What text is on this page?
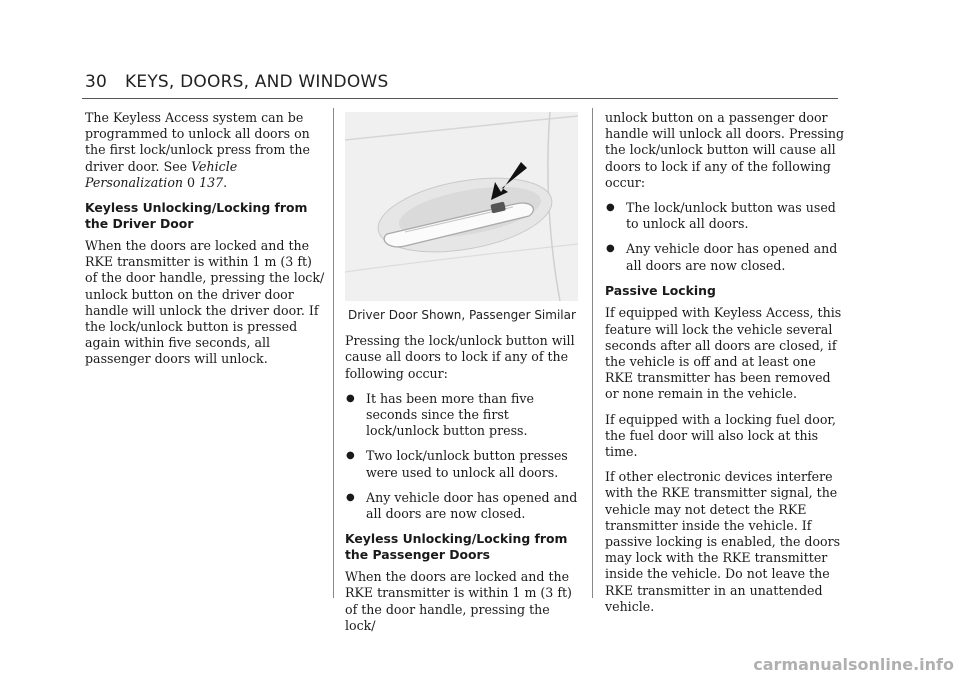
30 KEYS, DOORS, AND WINDOWS

The Keyless Access system can be programmed to unlock all doors on the first lock/unlock press from the driver door. See Vehicle Personalization 0 137.

Keyless Unlocking/Locking from the Driver Door

When the doors are locked and the RKE transmitter is within 1 m (3 ft) of the door handle, pressing the lock/ unlock button on the driver door handle will unlock the driver door. If the lock/unlock button is pressed again within five seconds, all passenger doors will unlock.

Driver Door Shown, Passenger Similar

Pressing the lock/unlock button will cause all doors to lock if any of the following occur:

● It has been more than five seconds since the first lock/unlock button press.
● Two lock/unlock button presses were used to unlock all doors.
● Any vehicle door has opened and all doors are now closed.
Keyless Unlocking/Locking from the Passenger Doors

When the doors are locked and the RKE transmitter is within 1 m (3 ft) of the door handle, pressing the lock/

unlock button on a passenger door handle will unlock all doors. Pressing the lock/unlock button will cause all doors to lock if any of the following occur:

● The lock/unlock button was used to unlock all doors.
● Any vehicle door has opened and all doors are now closed.
Passive Locking

If equipped with Keyless Access, this feature will lock the vehicle several seconds after all doors are closed, if the vehicle is off and at least one RKE transmitter has been removed or none remain in the vehicle.

If equipped with a locking fuel door, the fuel door will also lock at this time.

If other electronic devices interfere with the RKE transmitter signal, the vehicle may not detect the RKE transmitter inside the vehicle. If passive locking is enabled, the doors may lock with the RKE transmitter inside the vehicle. Do not leave the RKE transmitter in an unattended vehicle.

carmanualsonline.info
